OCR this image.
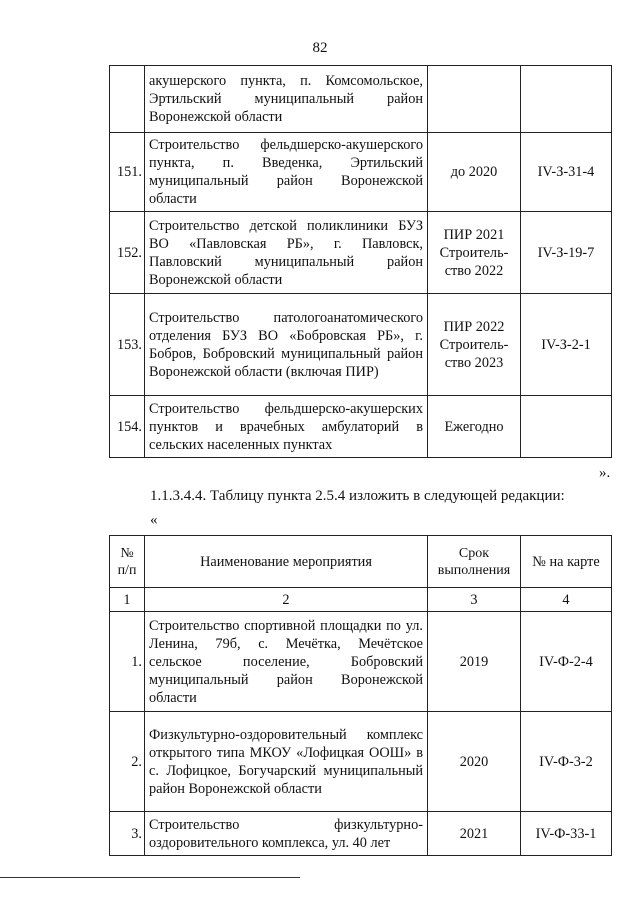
82
	акушерского пункта, п. Комсомольское, Эртильский муниципальный район Воронежской области		
151.	Строительство фельдшерско-акушерского пункта, п. Введенка, Эртильский муниципальный район Воронежской области	до 2020	IV-З-31-4
152.	Строительство детской поликлиники БУЗ ВО «Павловская РБ», г. Павловск, Павловский муниципальный район Воронежской области	ПИР 2021 Строитель-ство 2022	IV-З-19-7
153.	Строительство патологоанатомического отделения БУЗ ВО «Бобровская РБ», г. Бобров, Бобровский муниципальный район Воронежской области (включая ПИР)	ПИР 2022 Строитель-ство 2023	IV-З-2-1
154.	Строительство фельдшерско-акушерских пунктов и врачебных амбулаторий в сельских населенных пунктах	Ежегодно	
».
1.1.3.4.4. Таблицу пункта 2.5.4 изложить в следующей редакции:
«
№ п/п	Наименование мероприятия	Срок выполнения	№ на карте
1	2	3	4
1.	Строительство спортивной площадки по ул. Ленина, 79б, с. Мечётка, Мечётское сельское поселение, Бобровский муниципальный район Воронежской области	2019	IV-Ф-2-4
2.	Физкультурно-оздоровительный комплекс открытого типа МКОУ «Лофицкая ООШ» в с. Лофицкое, Богучарский муниципальный район Воронежской области	2020	IV-Ф-3-2
3.	Строительство физкультурно-оздоровительного комплекса, ул. 40 лет	2021	IV-Ф-33-1
